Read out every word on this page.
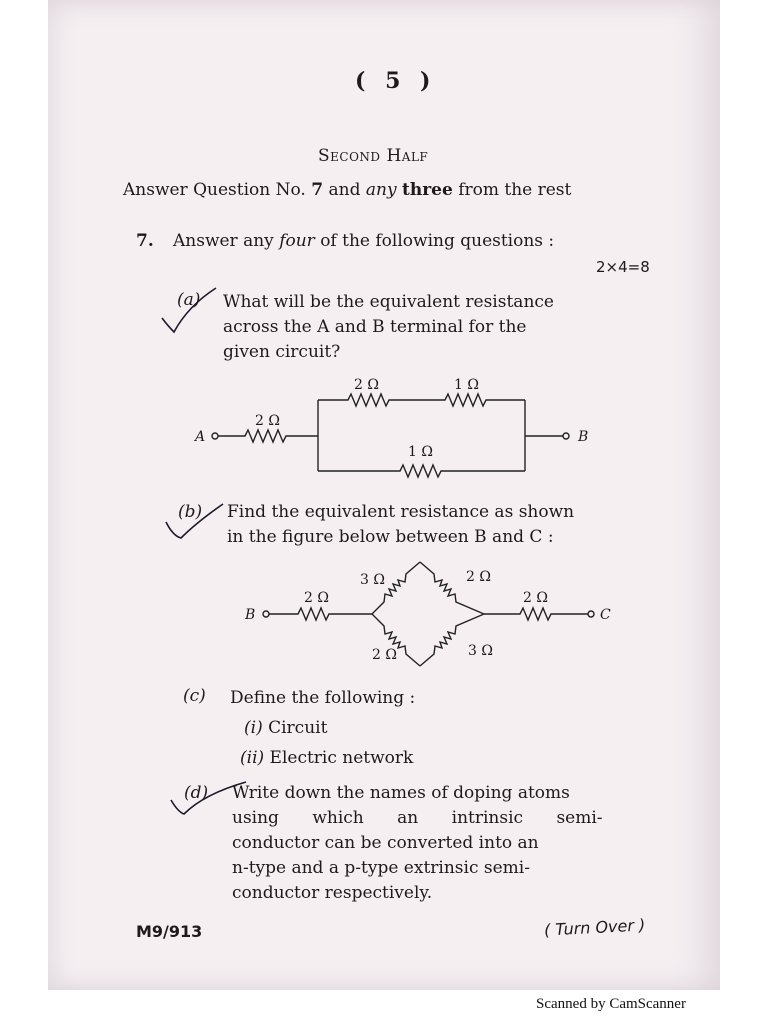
( 5 )
Second Half
Answer Question No. 7 and any three from the rest
7. Answer any four of the following questions :
2×4=8
(a) What will be the equivalent resistance
across the A and B terminal for the
given circuit?
A	B
2 Ω
2 Ω	1 Ω
1 Ω
(b) Find the equivalent resistance as shown
in the figure below between B and C :
B	C
2 Ω	2 Ω
3 Ω	2 Ω
2 Ω	3 Ω
(c) Define the following :
(i) Circuit
(ii) Electric network
(d) Write down the names of doping atoms
using which an intrinsic semi-
conductor can be converted into an
n-type and a p-type extrinsic semi-
conductor respectively.
M9/913	( Turn Over )
Scanned by CamScanner
